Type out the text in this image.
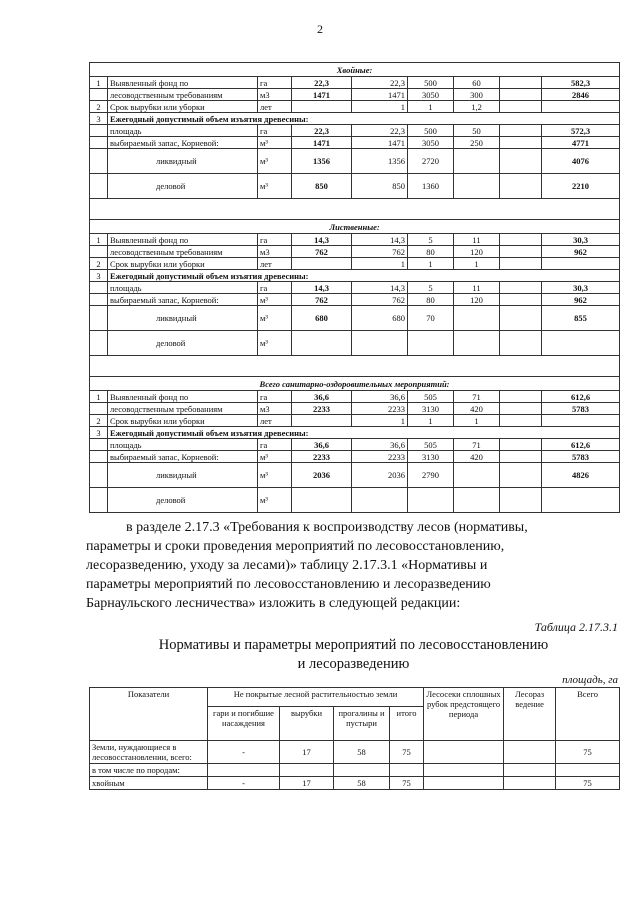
2
Хвойные:								
1	Выявленный фонд по	га	22,3	22,3	500	60		582,3
	лесоводственным требованиям	м3	1471	1471	3050	300		2846
2	Срок вырубки или уборки	лет		1	1	1,2		
3	Ежегодный допустимый объем изъятия древесины:							
	площадь	га	22,3	22,3	500	50		572,3
	выбираемый запас, Корневой:	м³	1471	1471	3050	250		4771
	ликвидный	м³	1356	1356	2720			4076
	деловой	м³	850	850	1360			2210

Лиственные:								
1	Выявленный фонд по	га	14,3	14,3	5	11		30,3
	лесоводственным требованиям	м3	762	762	80	120		962
2	Срок вырубки или уборки	лет		1	1	1		
3	Ежегодный допустимый объем изъятия древесины:							
	площадь	га	14,3	14,3	5	11		30,3
	выбираемый запас, Корневой:	м³	762	762	80	120		962
	ликвидный	м³	680	680	70			855
	деловой	м³						

Всего санитарно-оздоровительных мероприятий:								
1	Выявленный фонд по	га	36,6	36,6	505	71		612,6
	лесоводственным требованиям	м3	2233	2233	3130	420		5783
2	Срок вырубки или уборки	лет		1	1	1		
3	Ежегодный допустимый объем изъятия древесины:							
	площадь	га	36,6	36,6	505	71		612,6
	выбираемый запас, Корневой:	м³	2233	2233	3130	420		5783
	ликвидный	м³	2036	2036	2790			4826
	деловой	м³						
в разделе 2.17.3 «Требования к воспроизводству лесов (нормативы,
параметры и сроки проведения мероприятий по лесовосстановлению,
лесоразведению, уходу за лесами)» таблицу 2.17.3.1 «Нормативы и
параметры мероприятий по лесовосстановлению и лесоразведению
Барнаульского лесничества» изложить в следующей редакции:
Таблица 2.17.3.1
Нормативы и параметры мероприятий по лесовосстановлению
и лесоразведению
площадь, га
Показатели	Не покрытые лесной растительностью земли				Лесосеки сплошных рубок предстоящего периода	Лесораз ведение	Всего
	гари и погибшие насаждения	вырубки	прогалины и пустыри	итого			
Земли, нуждающиеся в лесовосстановлении, всего:	-	17	58	75			75
в том числе по породам:							
хвойным	-	17	58	75			75
